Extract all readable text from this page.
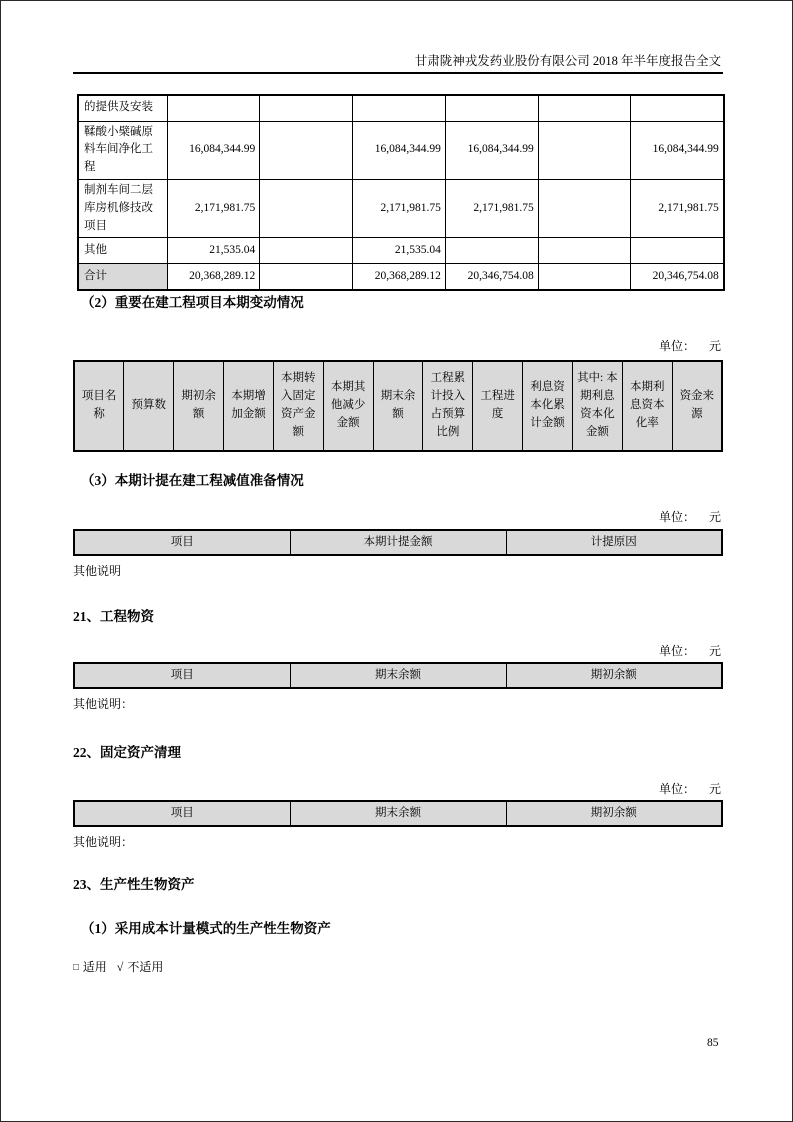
甘肃陇神戎发药业股份有限公司 2018 年半年度报告全文
的提供及安装						
鞣酸小檗碱原料车间净化工程	16,084,344.99		16,084,344.99	16,084,344.99		16,084,344.99
制剂车间二层库房机修技改项目	2,171,981.75		2,171,981.75	2,171,981.75		2,171,981.75
其他	21,535.04		21,535.04			
合计	20,368,289.12		20,368,289.12	20,346,754.08		20,346,754.08
（2）重要在建工程项目本期变动情况
单位： 元
项目名称	预算数	期初余额	本期增加金额	本期转入固定资产金额	本期其他减少金额	期末余额	工程累计投入占预算比例	工程进度	利息资本化累计金额	其中: 本期利息资本化金额	本期利息资本化率	资金来源
（3）本期计提在建工程减值准备情况
单位： 元
项目	本期计提金额	计提原因
其他说明
21、工程物资
单位： 元
项目	期末余额	期初余额
其他说明：
22、固定资产清理
单位： 元
项目	期末余额	期初余额
其他说明：
23、生产性生物资产
（1）采用成本计量模式的生产性生物资产
□ 适用 √ 不适用
85
